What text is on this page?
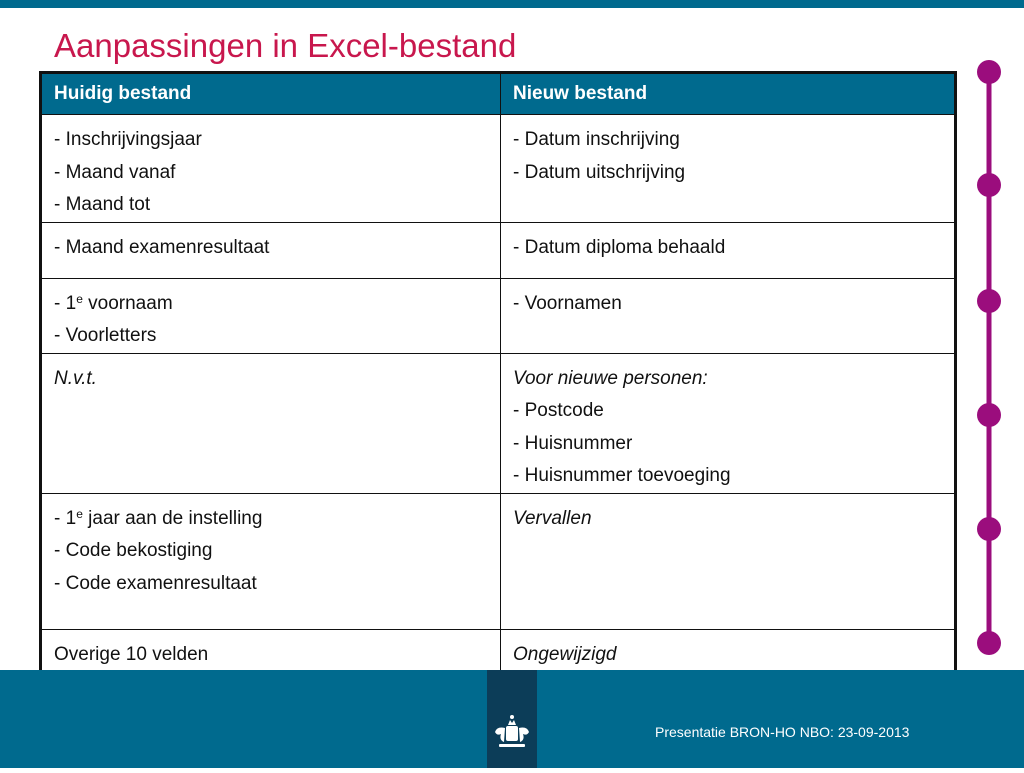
Aanpassingen in Excel-bestand
Huidig bestand	Nieuw bestand

- Inschrijvingsjaar
- Maand vanaf
- Maand tot	- Datum inschrijving
- Datum uitschrijving

- Maand examenresultaat	- Datum diploma behaald

- 1e voornaam
- Voorletters	- Voornamen

N.v.t.	Voor nieuwe personen:
- Postcode
- Huisnummer
- Huisnummer toevoeging

- 1e jaar aan de instelling
- Code bekostiging
- Code examenresultaat	Vervallen

Overige 10 velden	Ongewijzigd
Presentatie BRON-HO NBO: 23-09-2013
